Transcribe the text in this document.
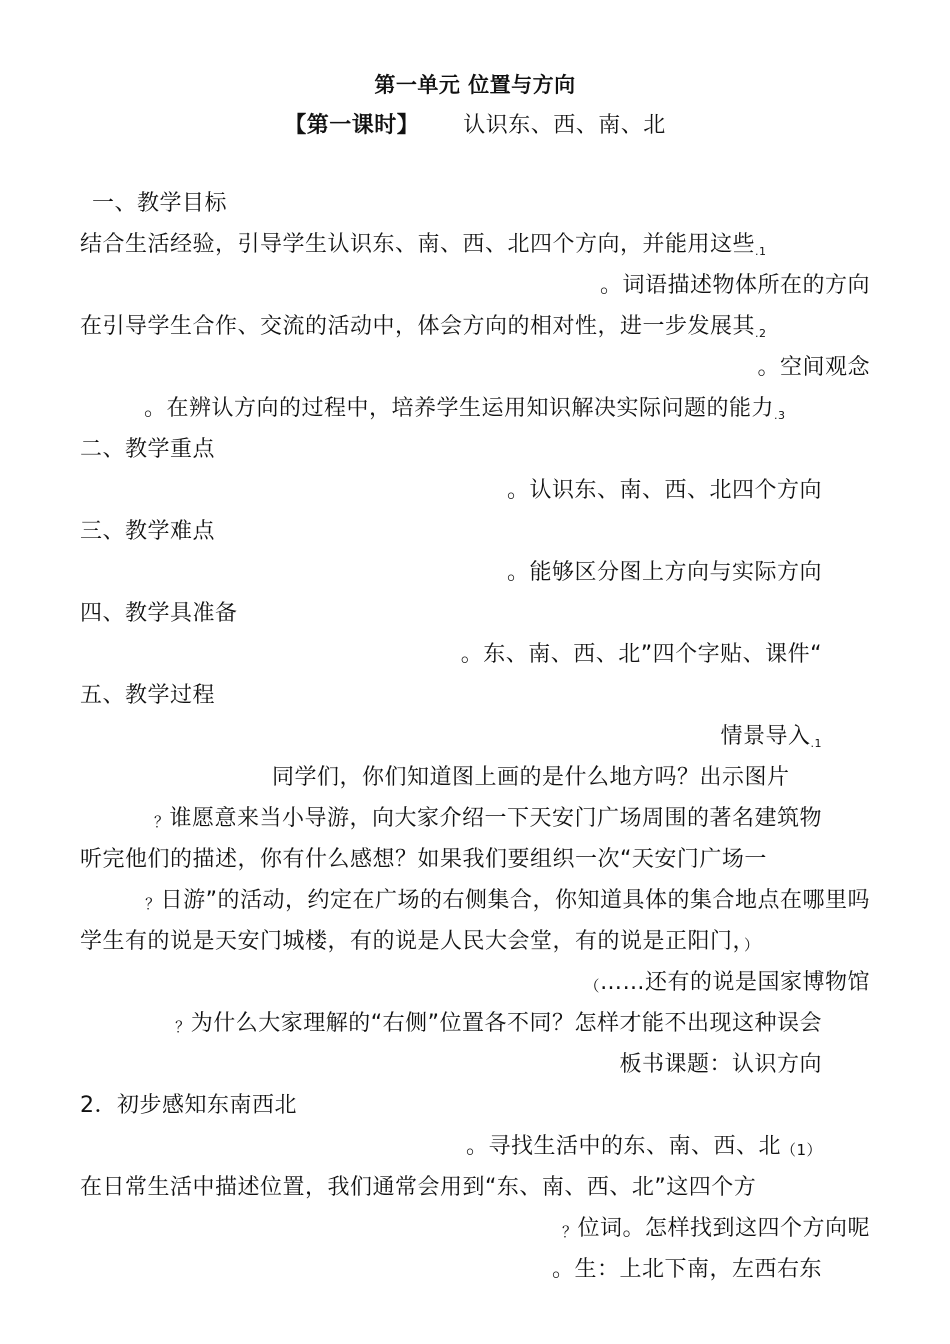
第一单元 位置与方向
【第一课时】 认识东、西、南、北
一、教学目标
结合生活经验，引导学生认识东、南、西、北四个方向，并能用这些.1
。词语描述物体所在的方向
在引导学生合作、交流的活动中，体会方向的相对性，进一步发展其.2
。空间观念
。在辨认方向的过程中，培养学生运用知识解决实际问题的能力.3
二、教学重点
。认识东、南、西、北四个方向
三、教学难点
。能够区分图上方向与实际方向
四、教学具准备
。东、南、西、北”四个字贴、课件“
五、教学过程
情景导入.1
同学们，你们知道图上画的是什么地方吗？出示图片
？谁愿意来当小导游，向大家介绍一下天安门广场周围的著名建筑物
听完他们的描述，你有什么感想？如果我们要组织一次“天安门广场一
？日游”的活动，约定在广场的右侧集合，你知道具体的集合地点在哪里吗
学生有的说是天安门城楼，有的说是人民大会堂，有的说是正阳门，）
（……还有的说是国家博物馆
？为什么大家理解的“右侧”位置各不同？怎样才能不出现这种误会
板书课题：认识方向
2．初步感知东南西北
。寻找生活中的东、南、西、北（1）
在日常生活中描述位置，我们通常会用到“东、南、西、北”这四个方
？位词。怎样找到这四个方向呢
。生：上北下南，左西右东
